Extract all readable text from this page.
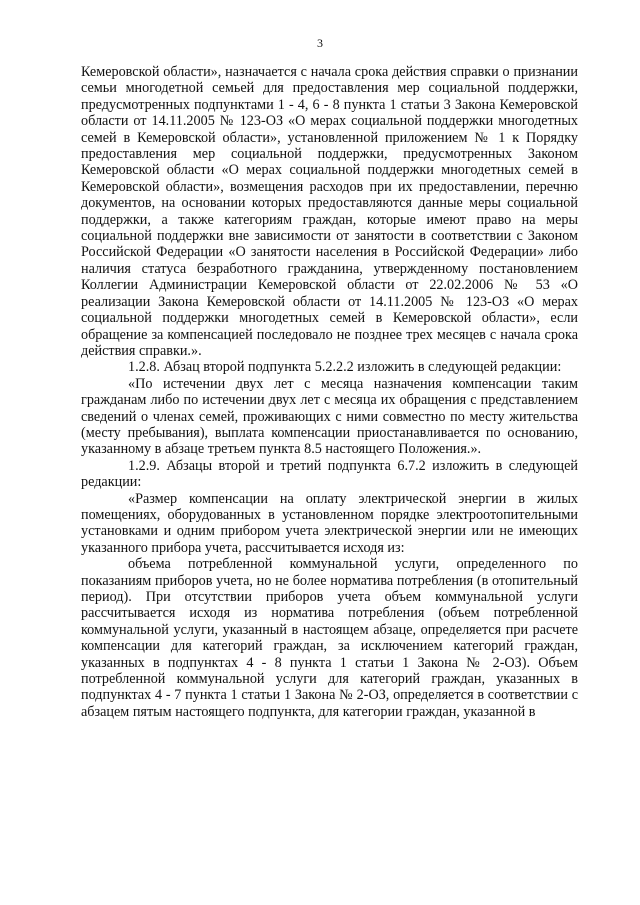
3

Кемеровской области», назначается с начала срока действия справки о признании семьи многодетной семьей для предоставления мер социальной поддержки, предусмотренных подпунктами 1 - 4, 6 - 8 пункта 1 статьи 3 Закона Кемеровской области от 14.11.2005 № 123-ОЗ «О мерах социальной поддержки многодетных семей в Кемеровской области», установленной приложением № 1 к Порядку предоставления мер социальной поддержки, предусмотренных Законом Кемеровской области «О мерах социальной поддержки многодетных семей в Кемеровской области», возмещения расходов при их предоставлении, перечню документов, на основании которых предоставляются данные меры социальной поддержки, а также категориям граждан, которые имеют право на меры социальной поддержки вне зависимости от занятости в соответствии с Законом Российской Федерации «О занятости населения в Российской Федерации» либо наличия статуса безработного гражданина, утвержденному постановлением Коллегии Администрации Кемеровской области от 22.02.2006 № 53 «О реализации Закона Кемеровской области от 14.11.2005 № 123-ОЗ «О мерах социальной поддержки многодетных семей в Кемеровской области», если обращение за компенсацией последовало не позднее трех месяцев с начала срока действия справки.».

1.2.8. Абзац второй подпункта 5.2.2.2 изложить в следующей редакции:

«По истечении двух лет с месяца назначения компенсации таким гражданам либо по истечении двух лет с месяца их обращения с представлением сведений о членах семей, проживающих с ними совместно по месту жительства (месту пребывания), выплата компенсации приостанавливается по основанию, указанному в абзаце третьем пункта 8.5 настоящего Положения.».

1.2.9. Абзацы второй и третий подпункта 6.7.2 изложить в следующей редакции:

«Размер компенсации на оплату электрической энергии в жилых помещениях, оборудованных в установленном порядке электроотопительными установками и одним прибором учета электрической энергии или не имеющих указанного прибора учета, рассчитывается исходя из:

объема потребленной коммунальной услуги, определенного по показаниям приборов учета, но не более норматива потребления (в отопительный период). При отсутствии приборов учета объем коммунальной услуги рассчитывается исходя из норматива потребления (объем потребленной коммунальной услуги, указанный в настоящем абзаце, определяется при расчете компенсации для категорий граждан, за исключением категорий граждан, указанных в подпунктах 4 - 8 пункта 1 статьи 1 Закона № 2-ОЗ). Объем потребленной коммунальной услуги для категорий граждан, указанных в подпунктах 4 - 7 пункта 1 статьи 1 Закона № 2-ОЗ, определяется в соответствии с абзацем пятым настоящего подпункта, для категории граждан, указанной в
